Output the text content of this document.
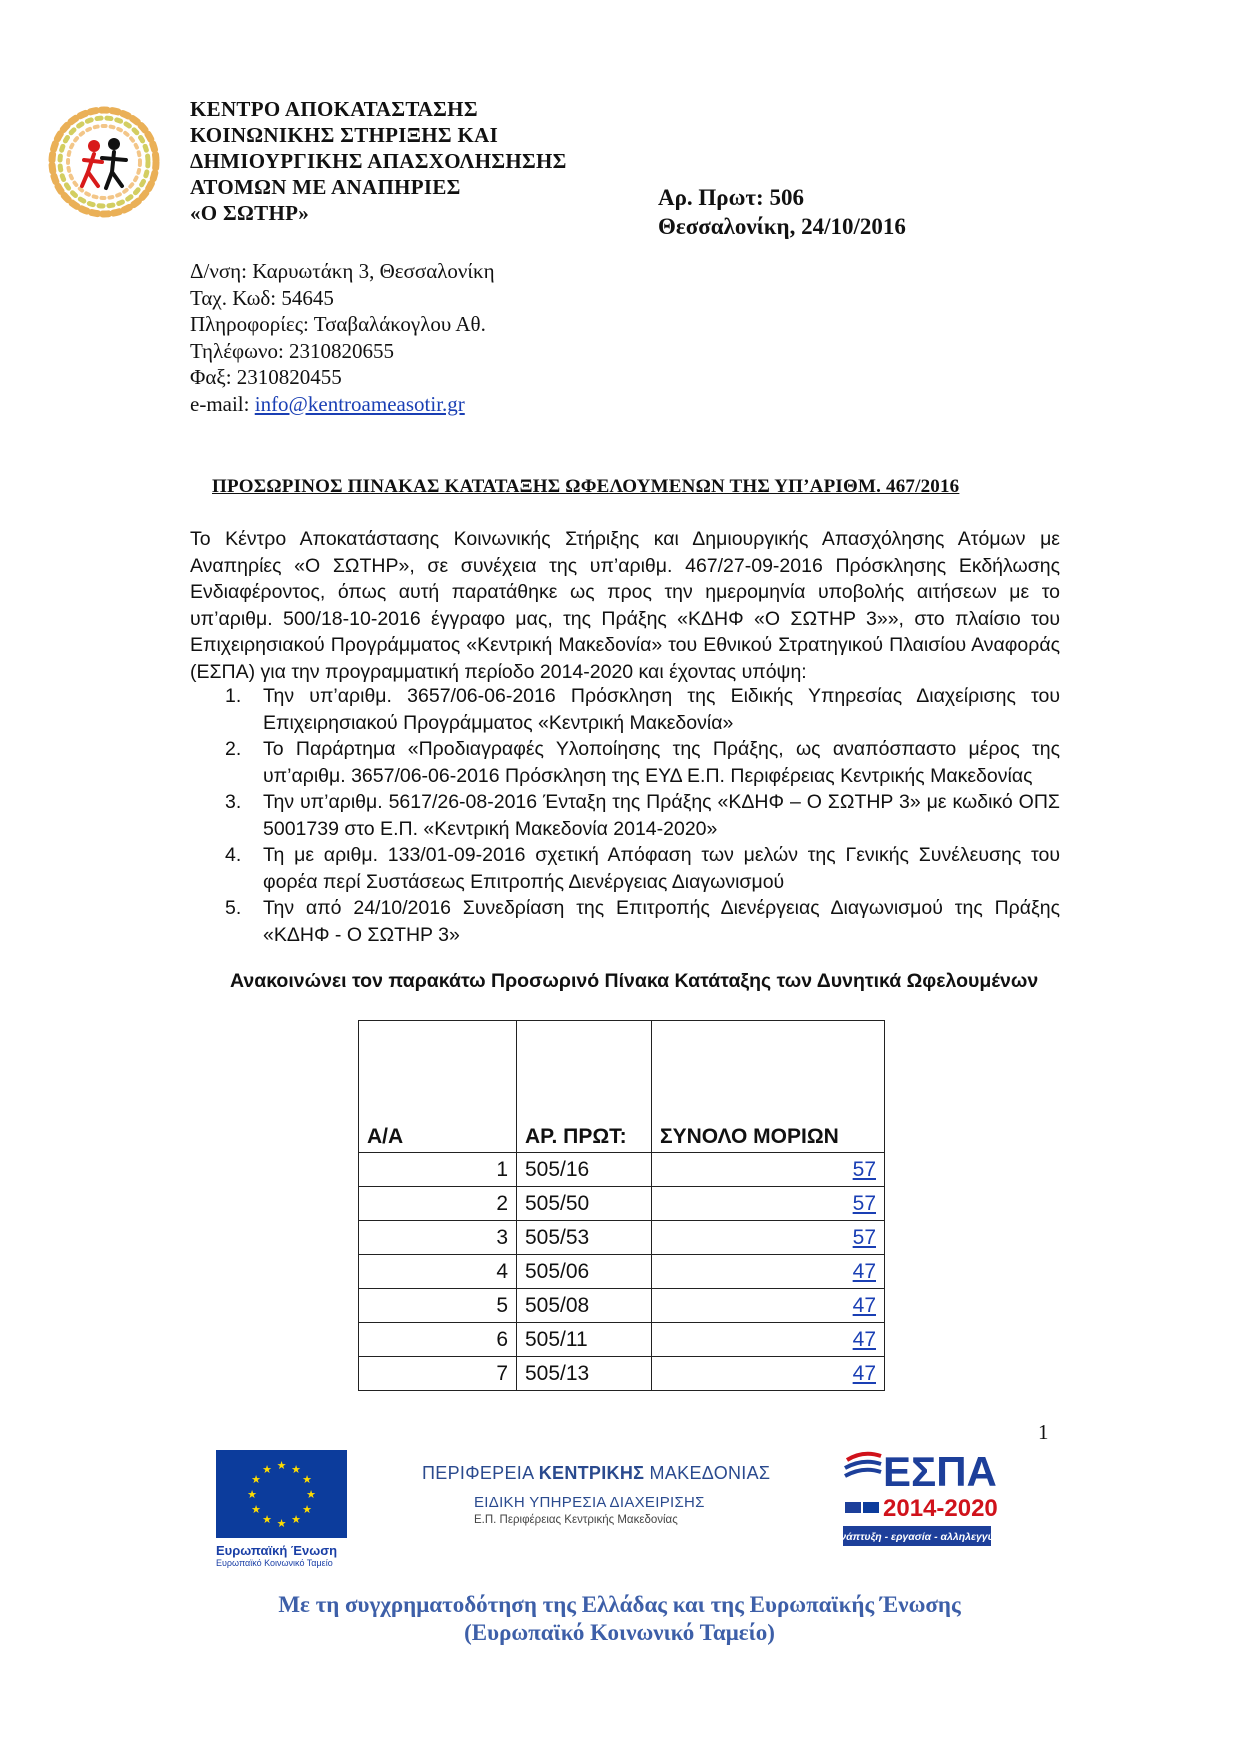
ΚΕΝΤΡΟ ΑΠΟΚΑΤΑΣΤΑΣΗΣ
ΚΟΙΝΩΝΙΚΗΣ ΣΤΗΡΙΞΗΣ ΚΑΙ
ΔΗΜΙΟΥΡΓΙΚΗΣ ΑΠΑΣΧΟΛΗΣΗΣΗΣ
ΑΤΟΜΩΝ ΜΕ ΑΝΑΠΗΡΙΕΣ
«Ο ΣΩΤΗΡ»
Αρ. Πρωτ: 506
Θεσσαλονίκη, 24/10/2016
Δ/νση: Καρυωτάκη 3, Θεσσαλονίκη
Ταχ. Κωδ: 54645
Πληροφορίες: Τσαβαλάκογλου Αθ.
Τηλέφωνο: 2310820655
Φαξ: 2310820455
e-mail: info@kentroameasotir.gr
ΠΡΟΣΩΡΙΝΟΣ ΠΙΝΑΚΑΣ ΚΑΤΑΤΑΞΗΣ ΩΦΕΛΟΥΜΕΝΩΝ ΤΗΣ ΥΠ’ΑΡΙΘΜ. 467/2016
Το Κέντρο Αποκατάστασης Κοινωνικής Στήριξης και Δημιουργικής Απασχόλησης Ατόμων με Αναπηρίες «Ο ΣΩΤΗΡ», σε συνέχεια της υπ’αριθμ. 467/27-09-2016 Πρόσκλησης Εκδήλωσης Ενδιαφέροντος, όπως αυτή παρατάθηκε ως προς την ημερομηνία υποβολής αιτήσεων με το υπ’αριθμ. 500/18-10-2016 έγγραφο μας, της Πράξης «ΚΔΗΦ «Ο ΣΩΤΗΡ 3»», στο πλαίσιο του Επιχειρησιακού Προγράμματος «Κεντρική Μακεδονία» του Εθνικού Στρατηγικού Πλαισίου Αναφοράς (ΕΣΠΑ) για την προγραμματική περίοδο 2014-2020 και έχοντας υπόψη:
1. Την υπ’αριθμ. 3657/06-06-2016 Πρόσκληση της Ειδικής Υπηρεσίας Διαχείρισης του Επιχειρησιακού Προγράμματος «Κεντρική Μακεδονία»
2. Το Παράρτημα «Προδιαγραφές Υλοποίησης της Πράξης, ως αναπόσπαστο μέρος της υπ’αριθμ. 3657/06-06-2016 Πρόσκληση της ΕΥΔ Ε.Π. Περιφέρειας Κεντρικής Μακεδονίας
3. Την υπ’αριθμ. 5617/26-08-2016 Ένταξη της Πράξης «ΚΔΗΦ – Ο ΣΩΤΗΡ 3» με κωδικό ΟΠΣ 5001739 στο Ε.Π. «Κεντρική Μακεδονία 2014-2020»
4. Τη με αριθμ. 133/01-09-2016 σχετική Απόφαση των μελών της Γενικής Συνέλευσης του φορέα περί Συστάσεως Επιτροπής Διενέργειας Διαγωνισμού
5. Την από 24/10/2016 Συνεδρίαση της Επιτροπής Διενέργειας Διαγωνισμού της Πράξης «ΚΔΗΦ - Ο ΣΩΤΗΡ 3»
Ανακοινώνει τον παρακάτω Προσωρινό Πίνακα Κατάταξης των Δυνητικά Ωφελουμένων
Α/Α	ΑΡ. ΠΡΩΤ:	ΣΥΝΟΛΟ ΜΟΡΙΩΝ
1	505/16	57
2	505/50	57
3	505/53	57
4	505/06	47
5	505/08	47
6	505/11	47
7	505/13	47
1
★ ★
★
★
★
★
★
★
★
★
★
★
Ευρωπαϊκή Ένωση
Ευρωπαϊκό Κοινωνικό Ταμείο
ΠΕΡΙΦΕΡΕΙΑ ΚΕΝΤΡΙΚΗΣ ΜΑΚΕΔΟΝΙΑΣ
ΕΙΔΙΚΗ ΥΠΗΡΕΣΙΑ ΔΙΑΧΕΙΡΙΣΗΣ
Ε.Π. Περιφέρειας Κεντρικής Μακεδονίας
ΕΣΠΑ
2014-2020
ανάπτυξη - εργασία - αλληλεγγύη
Με τη συγχρηματοδότηση της Ελλάδας και της Ευρωπαϊκής Ένωσης
(Ευρωπαϊκό Κοινωνικό Ταμείο)
